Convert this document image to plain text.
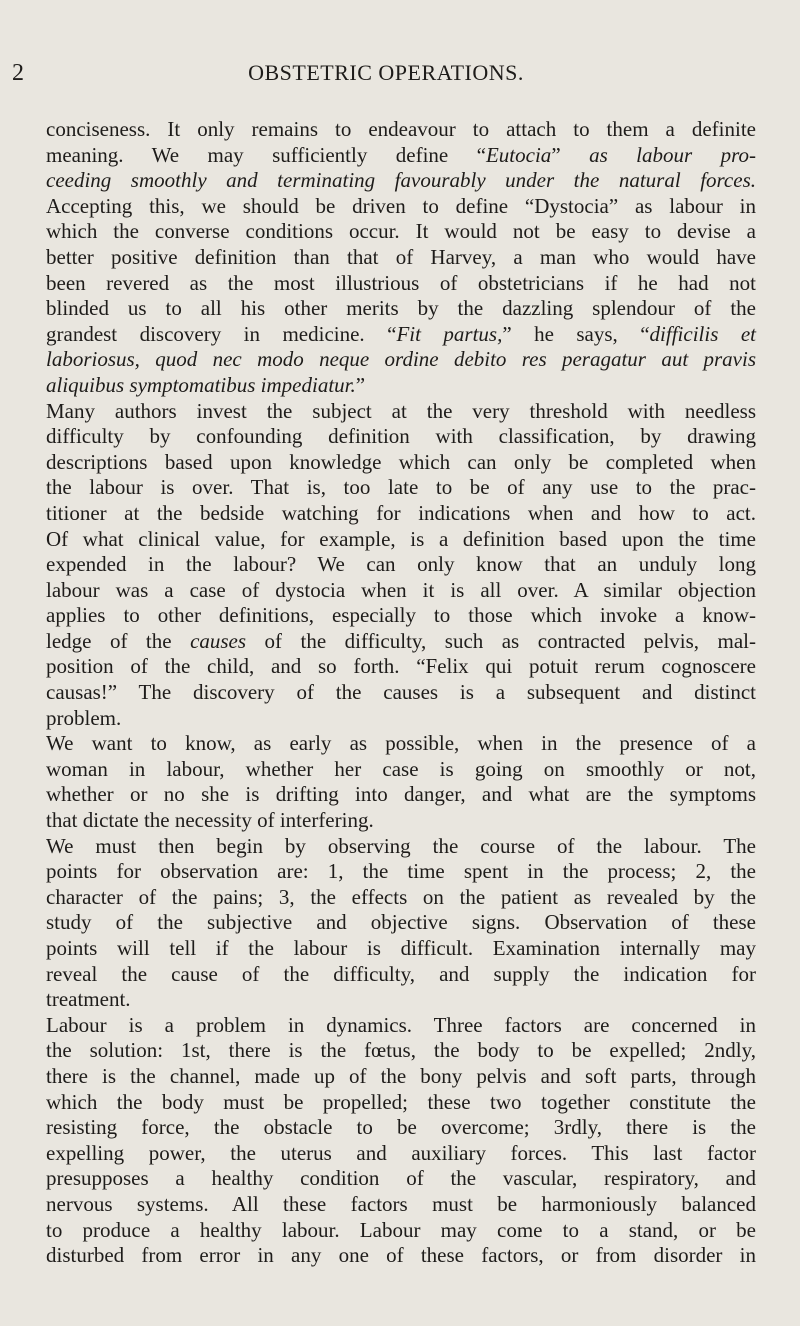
2	OBSTETRIC OPERATIONS.
conciseness. It only remains to endeavour to attach to them a definite
meaning. We may sufficiently define “Eutocia” as labour pro-
ceeding smoothly and terminating favourably under the natural forces.
Accepting this, we should be driven to define “Dystocia” as labour in
which the converse conditions occur. It would not be easy to devise a
better positive definition than that of Harvey, a man who would have
been revered as the most illustrious of obstetricians if he had not
blinded us to all his other merits by the dazzling splendour of the
grandest discovery in medicine. “Fit partus,” he says, “difficilis et
laboriosus, quod nec modo neque ordine debito res peragatur aut pravis
aliquibus symptomatibus impediatur.”
Many authors invest the subject at the very threshold with needless
difficulty by confounding definition with classification, by drawing
descriptions based upon knowledge which can only be completed when
the labour is over. That is, too late to be of any use to the prac-
titioner at the bedside watching for indications when and how to act.
Of what clinical value, for example, is a definition based upon the time
expended in the labour? We can only know that an unduly long
labour was a case of dystocia when it is all over. A similar objection
applies to other definitions, especially to those which invoke a know-
ledge of the causes of the difficulty, such as contracted pelvis, mal-
position of the child, and so forth. “Felix qui potuit rerum cognoscere
causas!” The discovery of the causes is a subsequent and distinct
problem.
We want to know, as early as possible, when in the presence of a
woman in labour, whether her case is going on smoothly or not,
whether or no she is drifting into danger, and what are the symptoms
that dictate the necessity of interfering.
We must then begin by observing the course of the labour. The
points for observation are: 1, the time spent in the process; 2, the
character of the pains; 3, the effects on the patient as revealed by the
study of the subjective and objective signs. Observation of these
points will tell if the labour is difficult. Examination internally may
reveal the cause of the difficulty, and supply the indication for
treatment.
Labour is a problem in dynamics. Three factors are concerned in
the solution: 1st, there is the fœtus, the body to be expelled; 2ndly,
there is the channel, made up of the bony pelvis and soft parts, through
which the body must be propelled; these two together constitute the
resisting force, the obstacle to be overcome; 3rdly, there is the
expelling power, the uterus and auxiliary forces. This last factor
presupposes a healthy condition of the vascular, respiratory, and
nervous systems. All these factors must be harmoniously balanced
to produce a healthy labour. Labour may come to a stand, or be
disturbed from error in any one of these factors, or from disorder in
